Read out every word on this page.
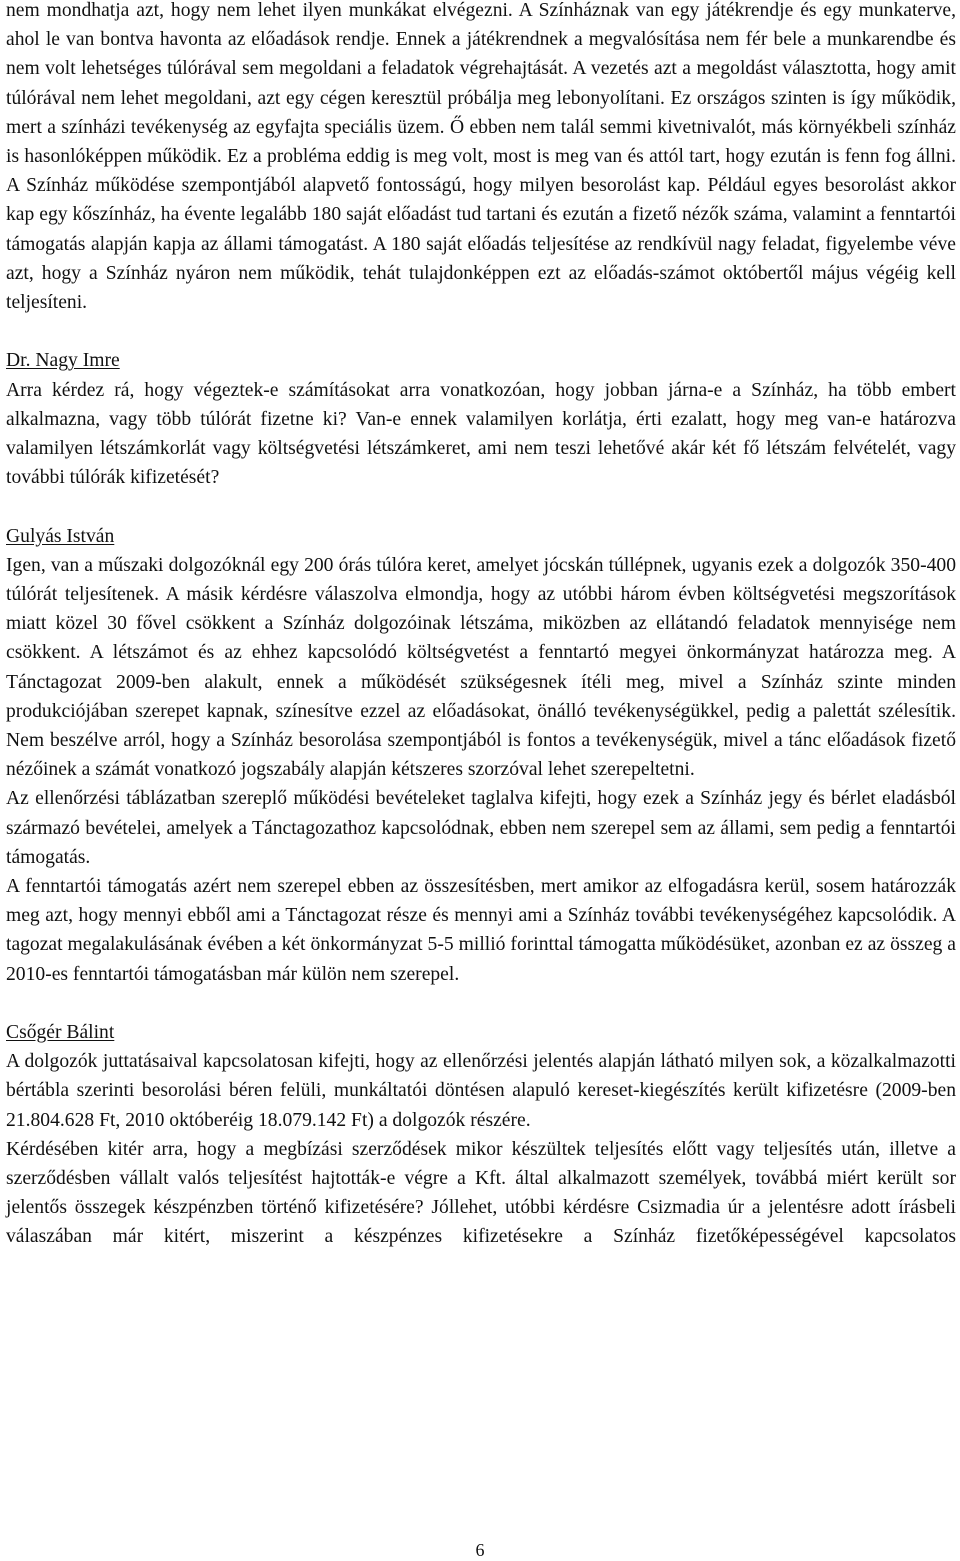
nem mondhatja azt, hogy nem lehet ilyen munkákat elvégezni. A Színháznak van egy játékrendje és egy munkaterve, ahol le van bontva havonta az előadások rendje. Ennek a játékrendnek a megvalósítása nem fér bele a munkarendbe és nem volt lehetséges túlórával sem megoldani a feladatok végrehajtását. A vezetés azt a megoldást választotta, hogy amit túlórával nem lehet megoldani, azt egy cégen keresztül próbálja meg lebonyolítani. Ez országos szinten is így működik, mert a színházi tevékenység az egyfajta speciális üzem. Ő ebben nem talál semmi kivetnivalót, más környékbeli színház is hasonlóképpen működik. Ez a probléma eddig is meg volt, most is meg van és attól tart, hogy ezután is fenn fog állni. A Színház működése szempontjából alapvető fontosságú, hogy milyen besorolást kap. Például egyes besorolást akkor kap egy kőszínház, ha évente legalább 180 saját előadást tud tartani és ezután a fizető nézők száma, valamint a fenntartói támogatás alapján kapja az állami támogatást. A 180 saját előadás teljesítése az rendkívül nagy feladat, figyelembe véve azt, hogy a Színház nyáron nem működik, tehát tulajdonképpen ezt az előadás-számot októbertől május végéig kell teljesíteni.

Dr. Nagy Imre

Arra kérdez rá, hogy végeztek-e számításokat arra vonatkozóan, hogy jobban járna-e a Színház, ha több embert alkalmazna, vagy több túlórát fizetne ki? Van-e ennek valamilyen korlátja, érti ezalatt, hogy meg van-e határozva valamilyen létszámkorlát vagy költségvetési létszámkeret, ami nem teszi lehetővé akár két fő létszám felvételét, vagy további túlórák kifizetését?

Gulyás István

Igen, van a műszaki dolgozóknál egy 200 órás túlóra keret, amelyet jócskán túllépnek, ugyanis ezek a dolgozók 350-400 túlórát teljesítenek. A másik kérdésre válaszolva elmondja, hogy az utóbbi három évben költségvetési megszorítások miatt közel 30 fővel csökkent a Színház dolgozóinak létszáma, miközben az ellátandó feladatok mennyisége nem csökkent. A létszámot és az ehhez kapcsolódó költségvetést a fenntartó megyei önkormányzat határozza meg. A Tánctagozat 2009-ben alakult, ennek a működését szükségesnek ítéli meg, mivel a Színház szinte minden produkciójában szerepet kapnak, színesítve ezzel az előadásokat, önálló tevékenységükkel, pedig a palettát szélesítik. Nem beszélve arról, hogy a Színház besorolása szempontjából is fontos a tevékenységük, mivel a tánc előadások fizető nézőinek a számát vonatkozó jogszabály alapján kétszeres szorzóval lehet szerepeltetni.

Az ellenőrzési táblázatban szereplő működési bevételeket taglalva kifejti, hogy ezek a Színház jegy és bérlet eladásból származó bevételei, amelyek a Tánctagozathoz kapcsolódnak, ebben nem szerepel sem az állami, sem pedig a fenntartói támogatás.

A fenntartói támogatás azért nem szerepel ebben az összesítésben, mert amikor az elfogadásra kerül, sosem határozzák meg azt, hogy mennyi ebből ami a Tánctagozat része és mennyi ami a Színház további tevékenységéhez kapcsolódik. A tagozat megalakulásának évében a két önkormányzat 5-5 millió forinttal támogatta működésüket, azonban ez az összeg a 2010-es fenntartói támogatásban már külön nem szerepel.

Csőgér Bálint

A dolgozók juttatásaival kapcsolatosan kifejti, hogy az ellenőrzési jelentés alapján látható milyen sok, a közalkalmazotti bértábla szerinti besorolási béren felüli, munkáltatói döntésen alapuló kereset-kiegészítés került kifizetésre (2009-ben 21.804.628 Ft, 2010 októberéig 18.079.142 Ft) a dolgozók részére.

Kérdésében kitér arra, hogy a megbízási szerződések mikor készültek teljesítés előtt vagy teljesítés után, illetve a szerződésben vállalt valós teljesítést hajtották-e végre a Kft. által alkalmazott személyek, továbbá miért került sor jelentős összegek készpénzben történő kifizetésére? Jóllehet, utóbbi kérdésre Csizmadia úr a jelentésre adott írásbeli válaszában már kitért, miszerint a készpénzes kifizetésekre a Színház fizetőképességével kapcsolatos

6
